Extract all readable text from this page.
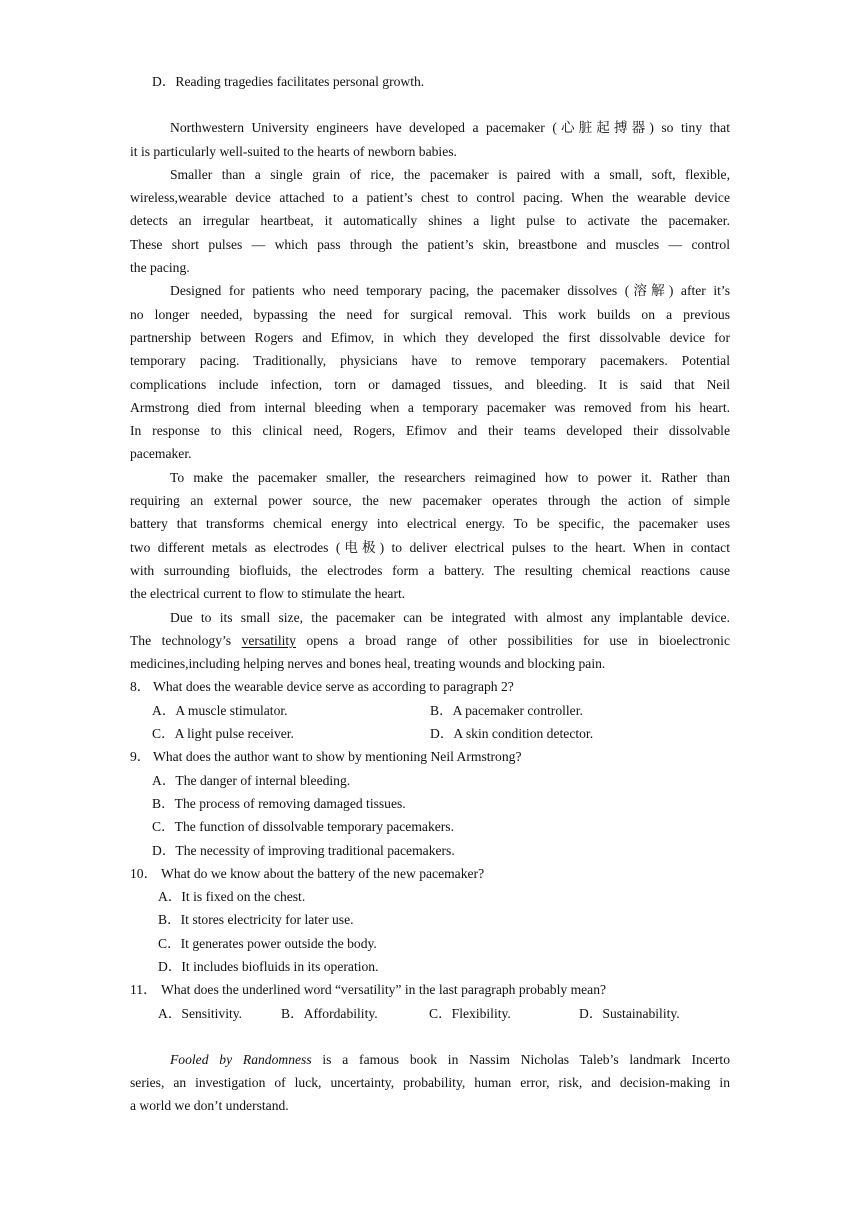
D．Reading tragedies facilitates personal growth.
Northwestern University engineers have developed a pacemaker (心脏起搏器) so tiny that
it is particularly well-suited to the hearts of newborn babies.
Smaller than a single grain of rice, the pacemaker is paired with a small, soft, flexible,
wireless,wearable device attached to a patient’s chest to control pacing. When the wearable device
detects an irregular heartbeat, it automatically shines a light pulse to activate the pacemaker.
These short pulses — which pass through the patient’s skin, breastbone and muscles — control
the pacing.
Designed for patients who need temporary pacing, the pacemaker dissolves (溶解) after it’s
no longer needed, bypassing the need for surgical removal. This work builds on a previous
partnership between Rogers and Efimov, in which they developed the first dissolvable device for
temporary pacing. Traditionally, physicians have to remove temporary pacemakers. Potential
complications include infection, torn or damaged tissues, and bleeding. It is said that Neil
Armstrong died from internal bleeding when a temporary pacemaker was removed from his heart.
In response to this clinical need, Rogers, Efimov and their teams developed their dissolvable
pacemaker.
To make the pacemaker smaller, the researchers reimagined how to power it. Rather than
requiring an external power source, the new pacemaker operates through the action of simple
battery that transforms chemical energy into electrical energy. To be specific, the pacemaker uses
two different metals as electrodes (电极) to deliver electrical pulses to the heart. When in contact
with surrounding biofluids, the electrodes form a battery. The resulting chemical reactions cause
the electrical current to flow to stimulate the heart.
Due to its small size, the pacemaker can be integrated with almost any implantable device.
The technology’s versatility opens a broad range of other possibilities for use in bioelectronic
medicines,including helping nerves and bones heal, treating wounds and blocking pain.
8． What does the wearable device serve as according to paragraph 2?
A．A muscle stimulator.	B．A pacemaker controller.
C．A light pulse receiver.	D．A skin condition detector.
9． What does the author want to show by mentioning Neil Armstrong?
A．The danger of internal bleeding.
B．The process of removing damaged tissues.
C．The function of dissolvable temporary pacemakers.
D．The necessity of improving traditional pacemakers.
10． What do we know about the battery of the new pacemaker?
A．It is fixed on the chest.
B．It stores electricity for later use.
C．It generates power outside the body.
D．It includes biofluids in its operation.
11． What does the underlined word “versatility” in the last paragraph probably mean?
A．Sensitivity.	B．Affordability.	C．Flexibility.	D．Sustainability.
Fooled by Randomness is a famous book in Nassim Nicholas Taleb’s landmark Incerto
series, an investigation of luck, uncertainty, probability, human error, risk, and decision-making in
a world we don’t understand.
